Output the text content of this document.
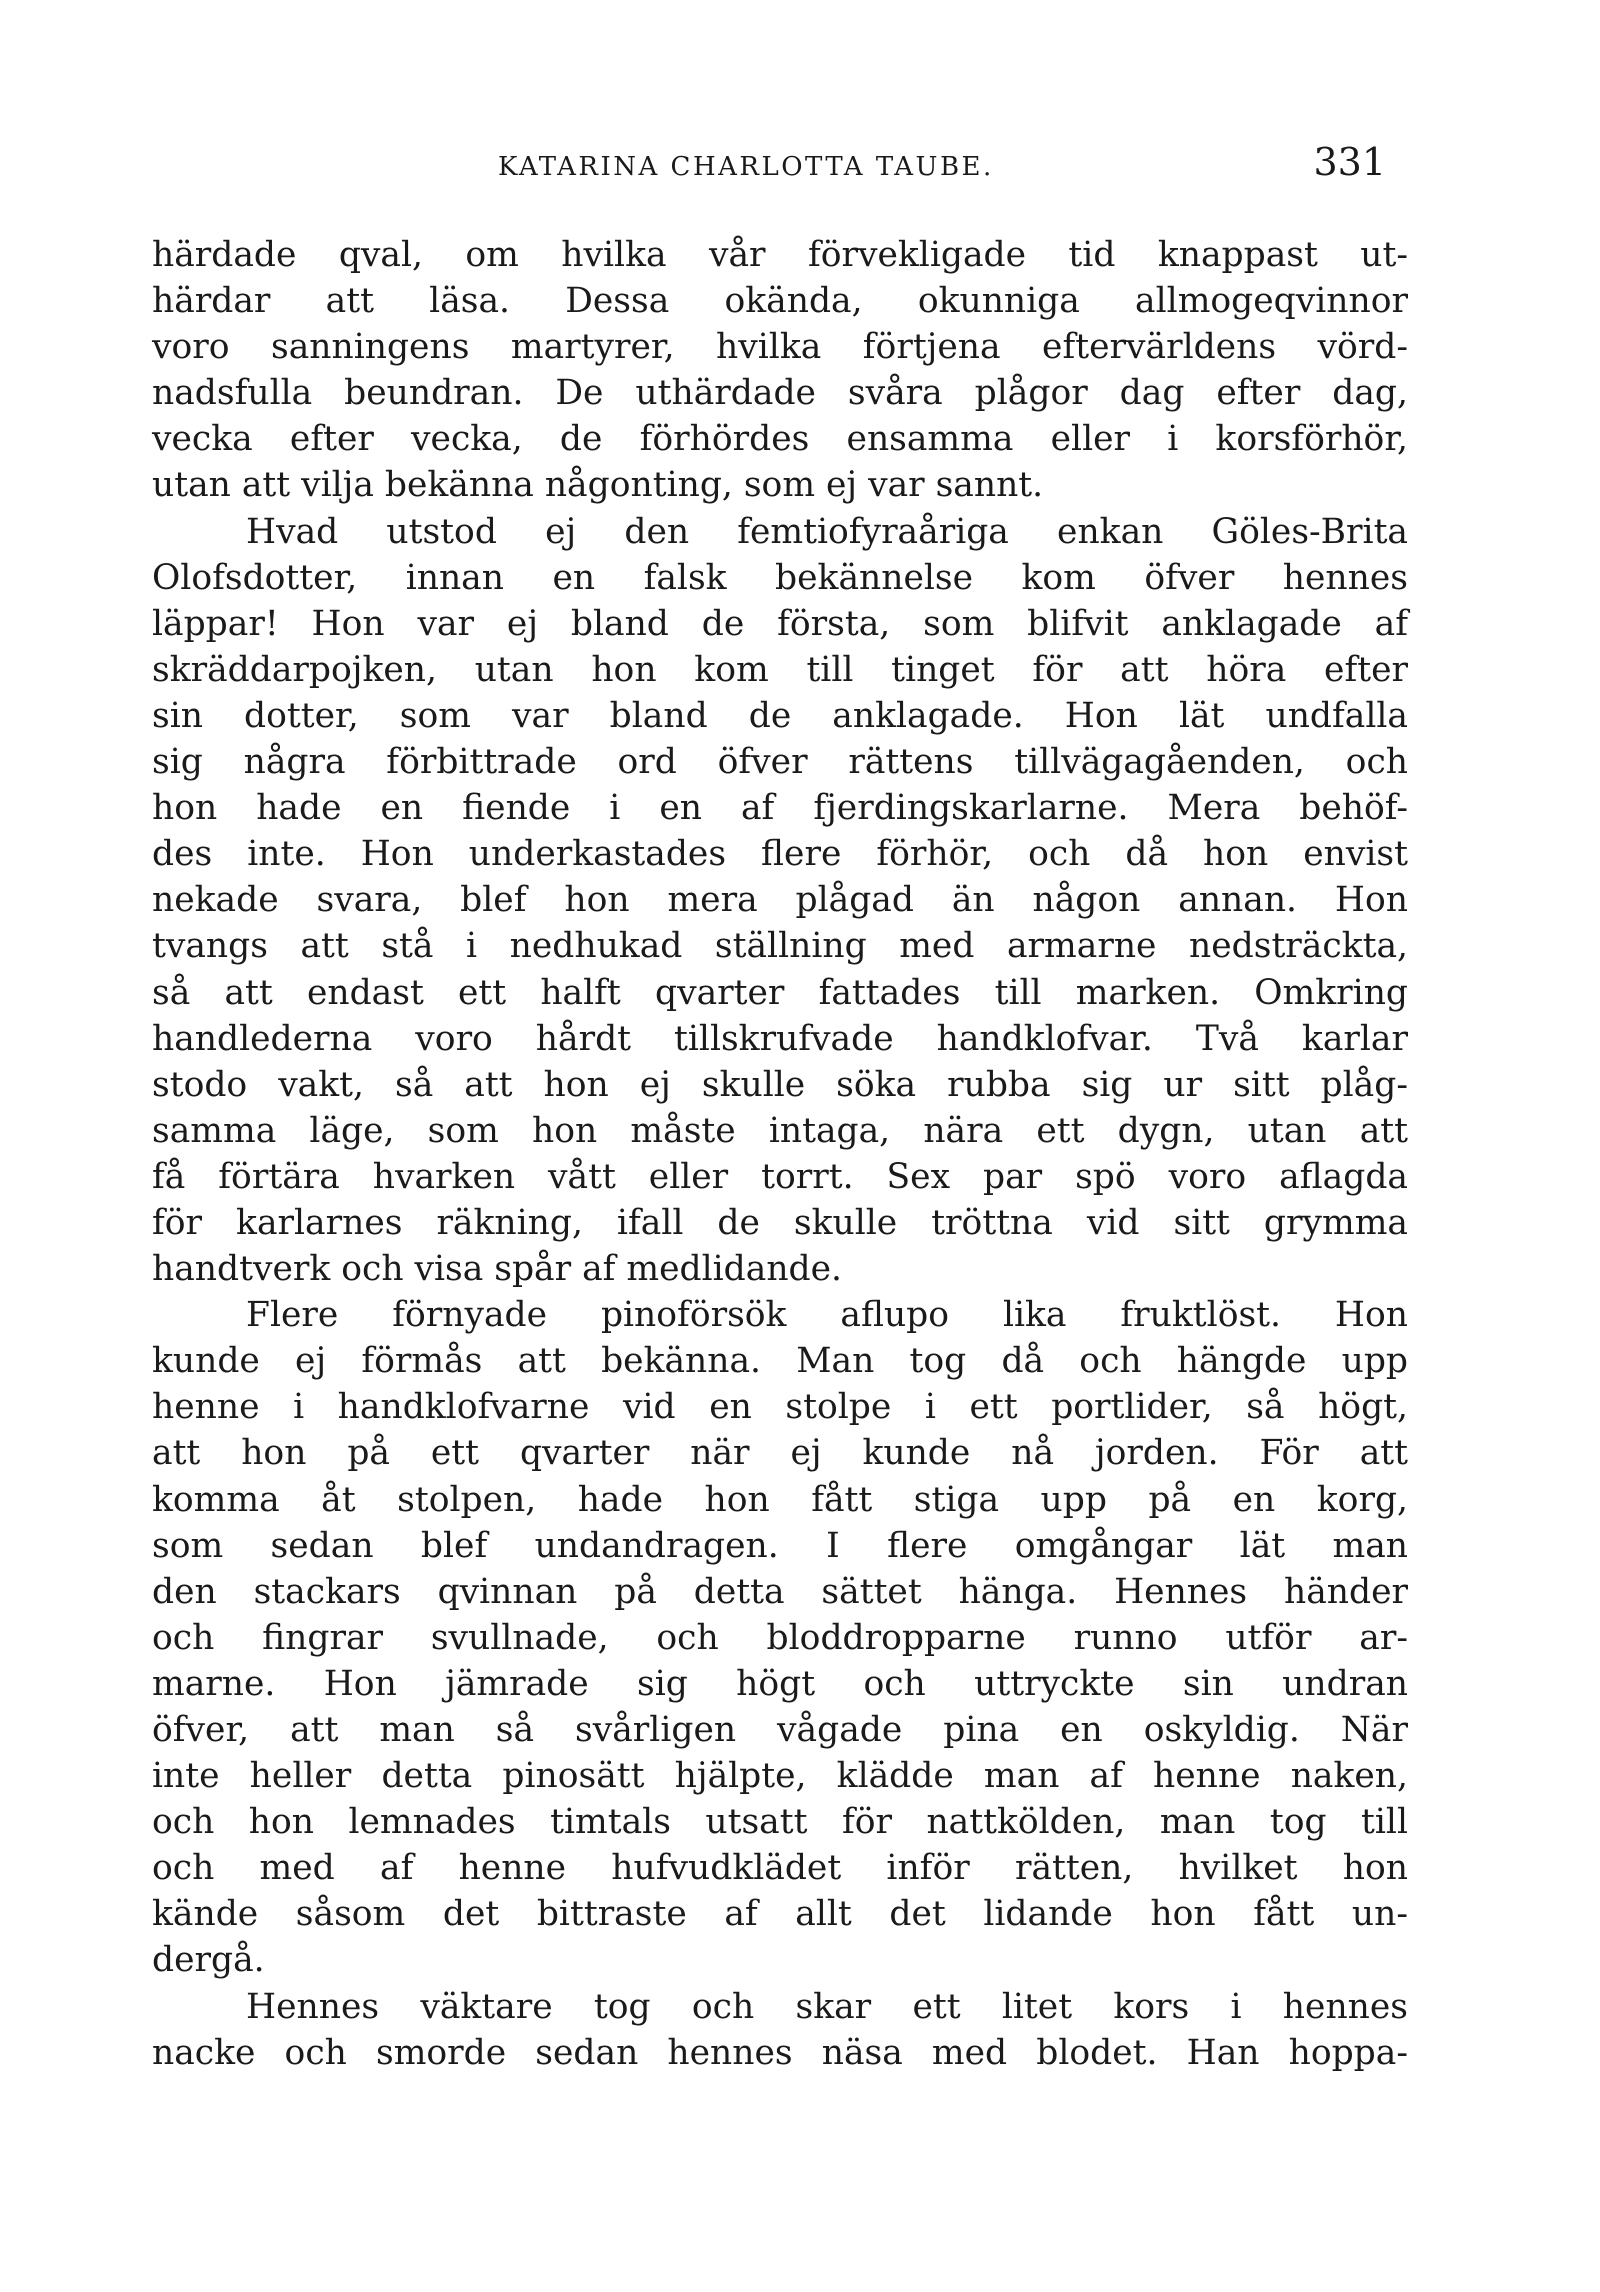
KATARINA CHARLOTTA TAUBE.	331
härdade qval, om hvilka vår förvekligade tid knappast ut-
härdar att läsa. Dessa okända, okunniga allmogeqvinnor
voro sanningens martyrer, hvilka förtjena eftervärldens vörd-
nadsfulla beundran. De uthärdade svåra plågor dag efter dag,
vecka efter vecka, de förhördes ensamma eller i korsförhör,
utan att vilja bekänna någonting, som ej var sannt.
Hvad utstod ej den femtiofyraåriga enkan Göles-Brita
Olofsdotter, innan en falsk bekännelse kom öfver hennes
läppar! Hon var ej bland de första, som blifvit anklagade af
skräddarpojken, utan hon kom till tinget för att höra efter
sin dotter, som var bland de anklagade. Hon lät undfalla
sig några förbittrade ord öfver rättens tillvägagåenden, och
hon hade en fiende i en af fjerdingskarlarne. Mera behöf-
des inte. Hon underkastades flere förhör, och då hon envist
nekade svara, blef hon mera plågad än någon annan. Hon
tvangs att stå i nedhukad ställning med armarne nedsträckta,
så att endast ett halft qvarter fattades till marken. Omkring
handlederna voro hårdt tillskrufvade handklofvar. Två karlar
stodo vakt, så att hon ej skulle söka rubba sig ur sitt plåg-
samma läge, som hon måste intaga, nära ett dygn, utan att
få förtära hvarken vått eller torrt. Sex par spö voro aflagda
för karlarnes räkning, ifall de skulle tröttna vid sitt grymma
handtverk och visa spår af medlidande.
Flere förnyade pinoförsök aflupo lika fruktlöst. Hon
kunde ej förmås att bekänna. Man tog då och hängde upp
henne i handklofvarne vid en stolpe i ett portlider, så högt,
att hon på ett qvarter när ej kunde nå jorden. För att
komma åt stolpen, hade hon fått stiga upp på en korg,
som sedan blef undandragen. I flere omgångar lät man
den stackars qvinnan på detta sättet hänga. Hennes händer
och fingrar svullnade, och bloddropparne runno utför ar-
marne. Hon jämrade sig högt och uttryckte sin undran
öfver, att man så svårligen vågade pina en oskyldig. När
inte heller detta pinosätt hjälpte, klädde man af henne naken,
och hon lemnades timtals utsatt för nattkölden, man tog till
och med af henne hufvudklädet inför rätten, hvilket hon
kände såsom det bittraste af allt det lidande hon fått un-
dergå.
Hennes väktare tog och skar ett litet kors i hennes
nacke och smorde sedan hennes näsa med blodet. Han hoppa-
